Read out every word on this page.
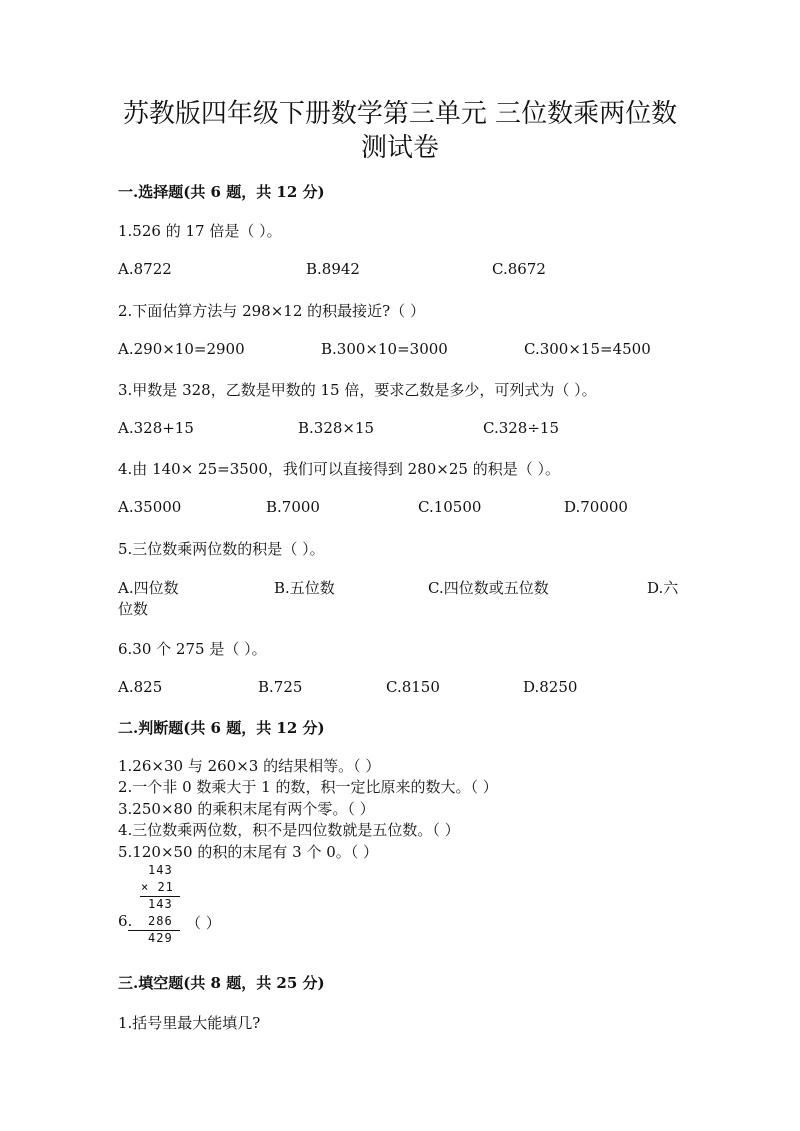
苏教版四年级下册数学第三单元 三位数乘两位数
测试卷
一.选择题(共 6 题，共 12 分)
1.526 的 17 倍是（ ）。
A.8722	B.8942	C.8672
2.下面估算方法与 298×12 的积最接近?（ ）
A.290×10=2900	B.300×10=3000	C.300×15=4500
3.甲数是 328，乙数是甲数的 15 倍，要求乙数是多少，可列式为（ ）。
A.328+15	B.328×15	C.328÷15
4.由 140× 25=3500，我们可以直接得到 280×25 的积是（ ）。
A.35000	B.7000	C.10500	D.70000
5.三位数乘两位数的积是（ ）。
A.四位数	B.五位数	C.四位数或五位数	D.六
位数
6.30 个 275 是（ ）。
A.825	B.725	C.8150	D.8250
二.判断题(共 6 题，共 12 分)
1.26×30 与 260×3 的结果相等。（ ）
2.一个非 0 数乘大于 1 的数，积一定比原来的数大。（ ）
3.250×80 的乘积末尾有两个零。（ ）
4.三位数乘两位数，积不是四位数就是五位数。（ ）
5.120×50 的积的末尾有 3 个 0。（ ）
143
× 21
143
6. 286
429
（ ）
三.填空题(共 8 题，共 25 分)
1.括号里最大能填几?
